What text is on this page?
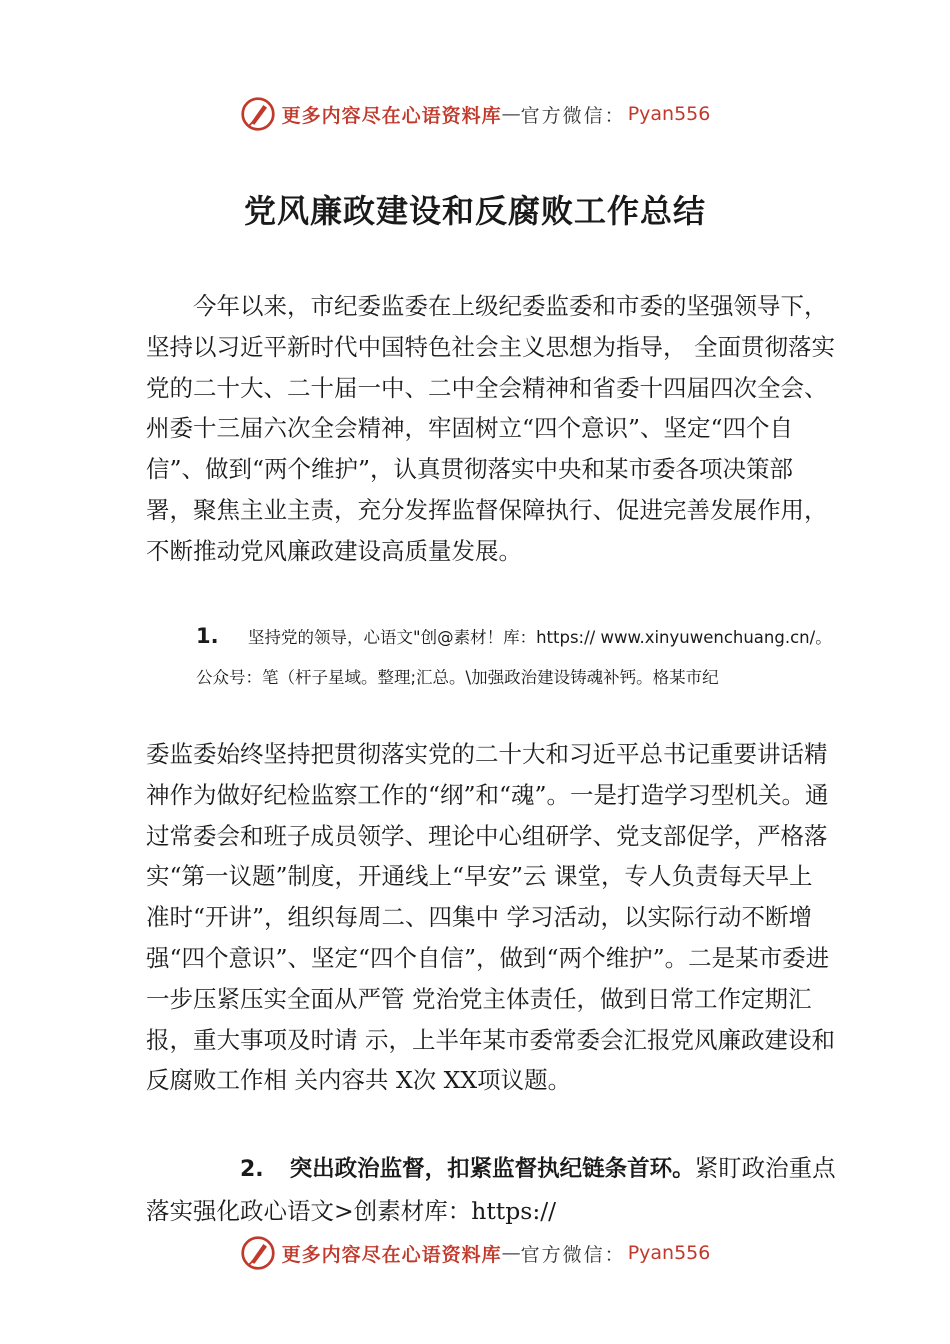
更多内容尽在心语资料库 — 官方微信： Pyan556
党风廉政建设和反腐败工作总结

今年以来，市纪委监委在上级纪委监委和市委的坚强领导下，坚持以习近平新时代中国特色社会主义思想为指导， 全面贯彻落实党的二十大、二十届一中、二中全会精神和省委十四届四次全会、州委十三届六次全会精神，牢固树立“四个意识”、坚定“四个自信”、做到“两个维护”，认真贯彻落实中央和某市委各项决策部署，聚焦主业主责，充分发挥监督保障执行、促进完善发展作用，不断推动党风廉政建设高质量发展。

1. 坚持党的领导，心语文"创@素材！库：https:// www.xinyuwenchuang.cn/。公众号：笔（杆子星域。整理;汇总。\加强政治建设铸魂补钙。格某市纪

委监委始终坚持把贯彻落实党的二十大和习近平总书记重要讲话精神作为做好纪检监察工作的“纲”和“魂”。一是打造学习型机关。通过常委会和班子成员领学、理论中心组研学、党支部促学，严格落实“第一议题”制度，开通线上“早安”云 课堂，专人负责每天早上准时“开讲”，组织每周二、四集中 学习活动，以实际行动不断增强“四个意识”、坚定“四个自信”，做到“两个维护”。二是某市委进一步压紧压实全面从严管 党治党主体责任，做到日常工作定期汇报，重大事项及时请 示，上半年某市委常委会汇报党风廉政建设和反腐败工作相 关内容共 X次 XX项议题。

2. 突出政治监督，扣紧监督执纪链条首环。紧盯政治重点落实强化政心语文>创素材库：https://

更多内容尽在心语资料库 — 官方微信： Pyan556
